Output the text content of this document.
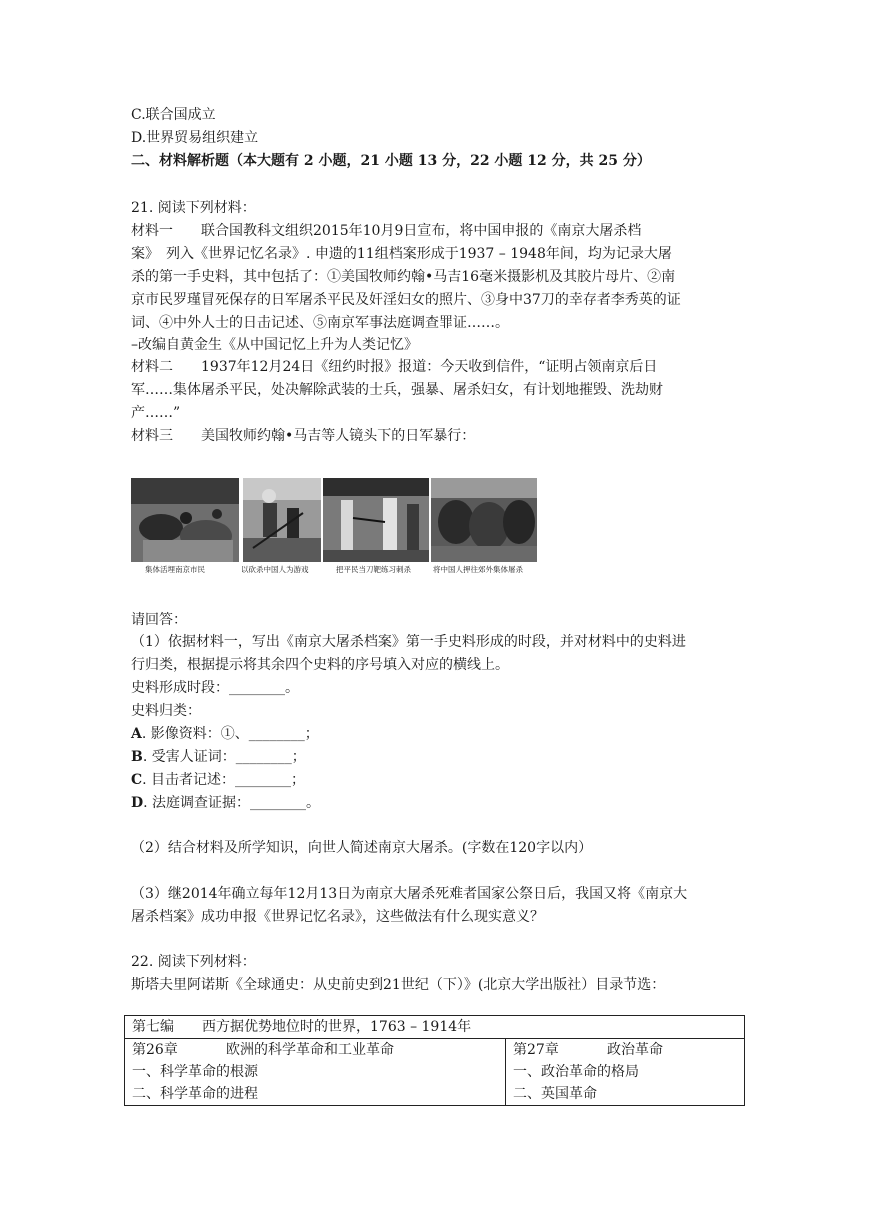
C.联合国成立
D.世界贸易组织建立
二、材料解析题（本大题有 2 小题，21 小题 13 分，22 小题 12 分，共 25 分）
21. 阅读下列材料：
材料一　　联合国教科文组织2015年10月9日宣布，将中国申报的《南京大屠杀档
案》　列入《世界记忆名录》. 申遗的11组档案形成于1937 – 1948年间，均为记录大屠
杀的第一手史料，其中包括了：①美国牧师约翰•马吉16毫米摄影机及其胶片母片、②南
京市民罗瑾冒死保存的日军屠杀平民及奸淫妇女的照片、③身中37刀的幸存者李秀英的证
词、④中外人士的日击记述、⑤南京军事法庭调查罪证……。
–改编自黄金生《从中国记忆上升为人类记忆》
材料二　　1937年12月24日《纽约时报》报道：今天收到信件，“证明占领南京后日
军……集体屠杀平民，处决解除武装的士兵，强暴、屠杀妇女，有计划地摧毁、洗劫财
产……”
材料三　　美国牧师约翰•马吉等人镜头下的日军暴行：
集体活埋南京市民	以砍杀中国人为游戏	把平民当刀靶练习刺杀	将中国人押往郊外集体屠杀
请回答：
（1）依据材料一，写出《南京大屠杀档案》第一手史料形成的时段，并对材料中的史料进
行归类，根据提示将其余四个史料的序号填入对应的横线上。
史料形成时段：________。
史料归类：
A. 影像资料：①、________；
B. 受害人证词：________；
C. 目击者记述：________；
D. 法庭调查证据：________。
（2）结合材料及所学知识，向世人简述南京大屠杀。(字数在120字以内）
（3）继2014年确立每年12月13日为南京大屠杀死难者国家公祭日后，我国又将《南京大
屠杀档案》成功申报《世界记忆名录》，这些做法有什么现实意义？
22. 阅读下列材料：
斯塔夫里阿诺斯《全球通史：从史前史到21世纪（下）》(北京大学出版社）目录节选：
第七编　　西方据优势地位时的世界，1763 – 1914年

第26章	欧洲的科学革命和工业革命
一、科学革命的根源
二、科学革命的进程

第27章	政治革命
一、政治革命的格局
二、英国革命
